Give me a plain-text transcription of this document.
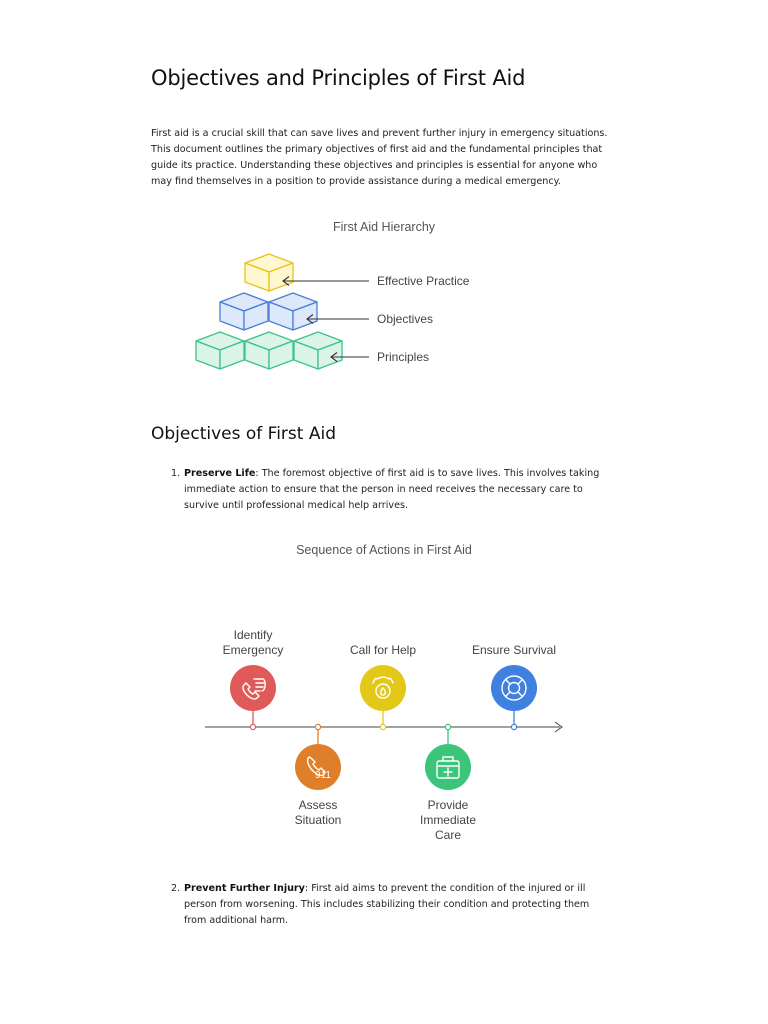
Objectives and Principles of First Aid

First aid is a crucial skill that can save lives and prevent further injury in emergency situations. This document outlines the primary objectives of first aid and the fundamental principles that guide its practice. Understanding these objectives and principles is essential for anyone who may find themselves in a position to provide assistance during a medical emergency.

First Aid Hierarchy
Effective Practice
Objectives
Principles
Objectives of First Aid

1. Preserve Life: The foremost objective of first aid is to save lives. This involves taking immediate action to ensure that the person in need receives the necessary care to survive until professional medical help arrives.

Sequence of Actions in First Aid
Identify Emergency
911
Assess Situation
Call for Help
Provide Immediate Care
Ensure Survival

2. Prevent Further Injury: First aid aims to prevent the condition of the injured or ill person from worsening. This includes stabilizing their condition and protecting them from additional harm.
